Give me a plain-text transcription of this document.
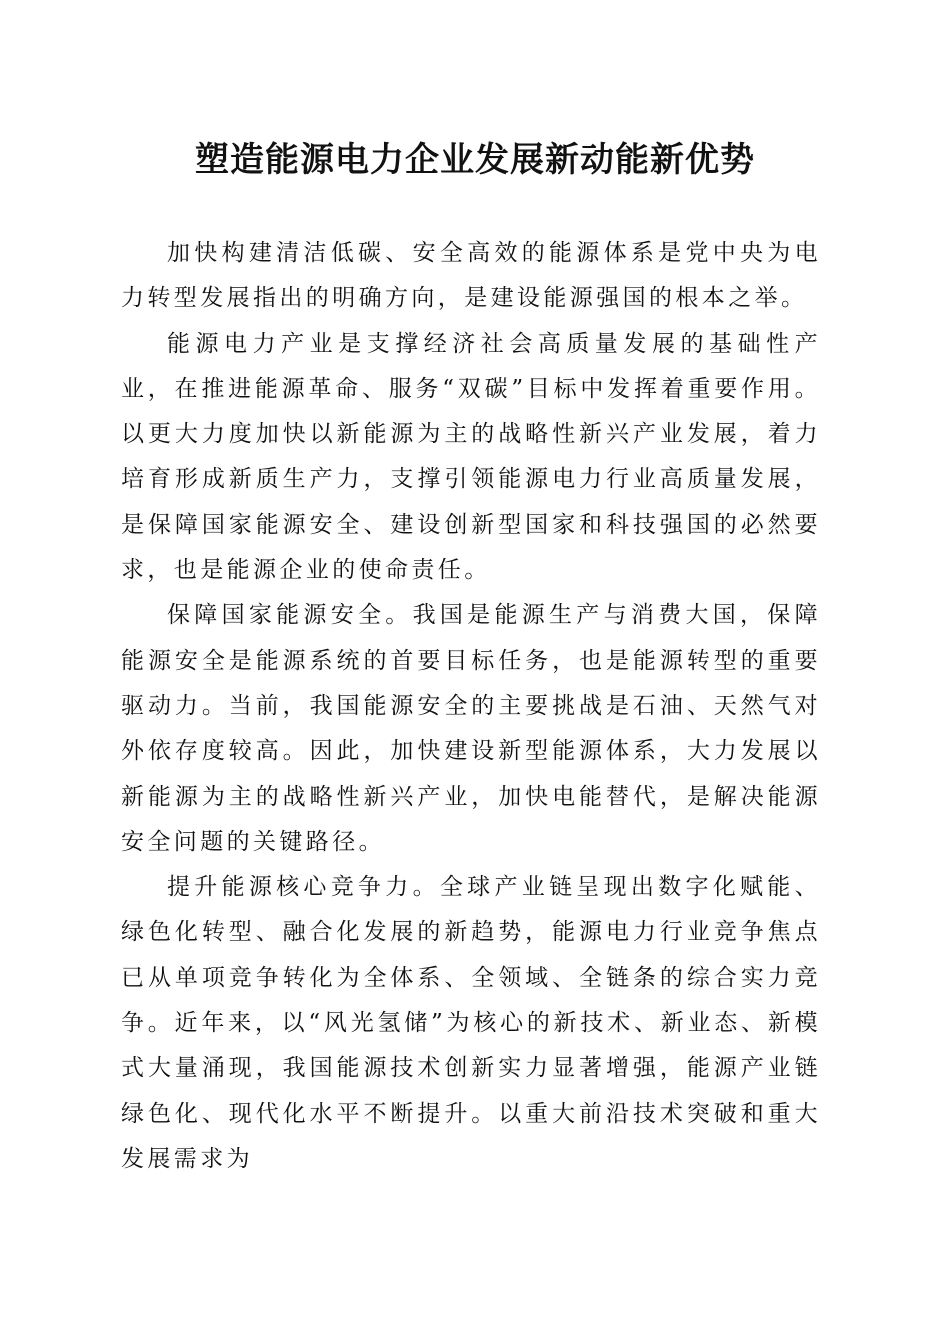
塑造能源电力企业发展新动能新优势

加快构建清洁低碳、安全高效的能源体系是党中央为电力转型发展指出的明确方向，是建设能源强国的根本之举。

能源电力产业是支撑经济社会高质量发展的基础性产业，在推进能源革命、服务“双碳”目标中发挥着重要作用。以更大力度加快以新能源为主的战略性新兴产业发展，着力培育形成新质生产力，支撑引领能源电力行业高质量发展，是保障国家能源安全、建设创新型国家和科技强国的必然要求，也是能源企业的使命责任。

保障国家能源安全。我国是能源生产与消费大国，保障能源安全是能源系统的首要目标任务，也是能源转型的重要驱动力。当前，我国能源安全的主要挑战是石油、天然气对外依存度较高。因此，加快建设新型能源体系，大力发展以新能源为主的战略性新兴产业，加快电能替代，是解决能源安全问题的关键路径。

提升能源核心竞争力。全球产业链呈现出数字化赋能、绿色化转型、融合化发展的新趋势，能源电力行业竞争焦点已从单项竞争转化为全体系、全领域、全链条的综合实力竞争。近年来，以“风光氢储”为核心的新技术、新业态、新模式大量涌现，我国能源技术创新实力显著增强，能源产业链绿色化、现代化水平不断提升。以重大前沿技术突破和重大发展需求为
